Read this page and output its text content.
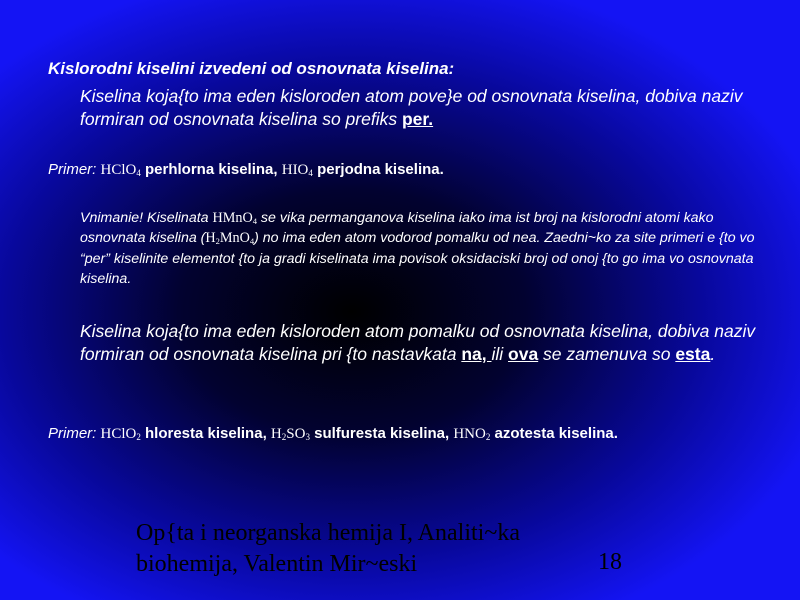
Kislorodni kiselini izvedeni od osnovnata kiselina:

Kiselina koja{to ima eden kisloroden atom pove}e od osnovnata kiselina, dobiva naziv formiran od osnovnata kiselina so prefiks per.

Primer: HClO$_4$ perhlorna kiselina, $HIO_4$ perjodna kiselina.

Vnimanie! Kiselinata HMnO$_4$ se vika permanganova kiselina iako ima ist broj na kislorodni atomi kako osnovnata kiselina $(H_2MnO_4)$ no ima eden atom vodorod pomalku od nea. Zaedni~ko za site primeri e {to vo “per” kiselinite elementot {to ja gradi kiselinata ima povisok oksidaciski broj od onoj {to go ima vo osnovnata kiselina.

Kiselina koja{to ima eden kisloroden atom pomalku od osnovnata kiselina, dobiva naziv formiran od osnovnata kiselina pri {to nastavkata na, ili ova se zamenuva so esta.

Primer: HClO$_2$ hloresta kiselina, $H_2SO_3$ sulfuresta kiselina, $HNO_2$ azotesta kiselina.

Op{ta i neorganska hemija I, Analiti~ka
biohemija, Valentin Mir~eski	18
